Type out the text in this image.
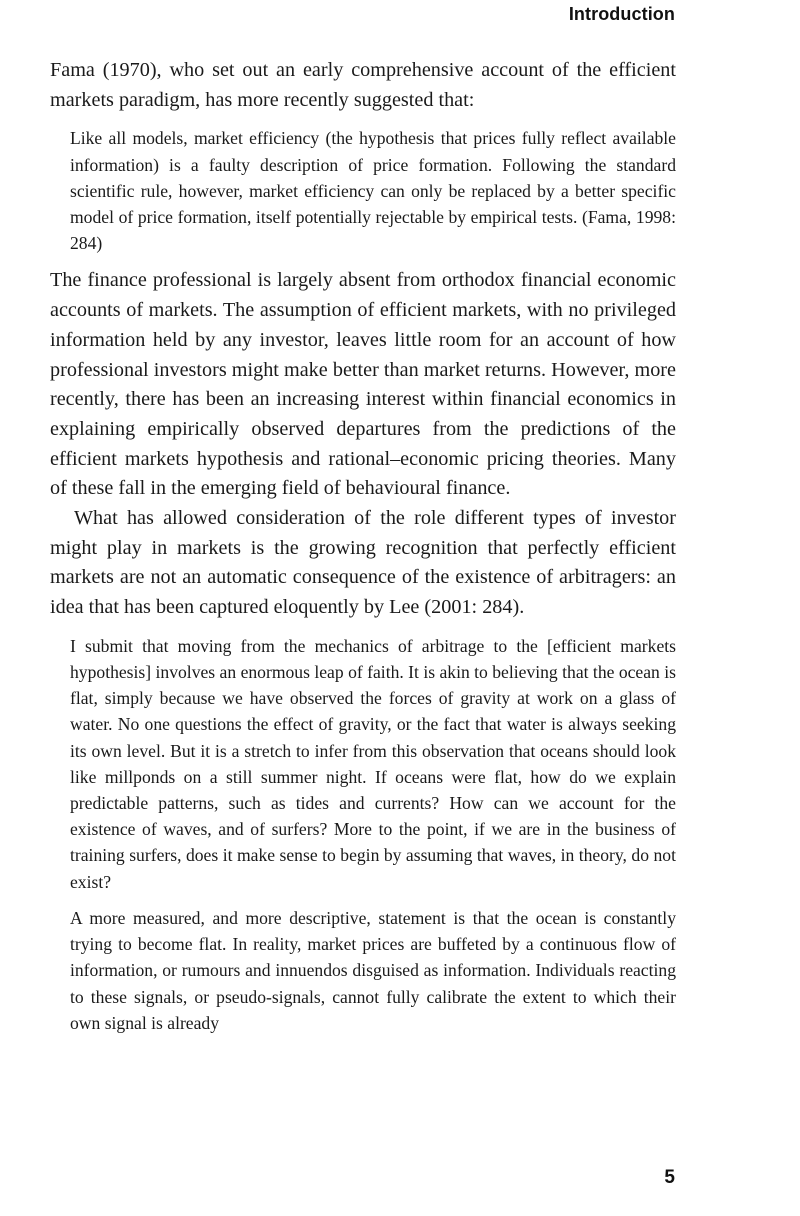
Introduction

Fama (1970), who set out an early comprehensive account of the efficient markets paradigm, has more recently suggested that:

Like all models, market efficiency (the hypothesis that prices fully reflect available information) is a faulty description of price formation. Following the standard scientific rule, however, market efficiency can only be replaced by a better specific model of price formation, itself potentially rejectable by empirical tests. (Fama, 1998: 284)

The finance professional is largely absent from orthodox financial economic accounts of markets. The assumption of efficient markets, with no privileged information held by any investor, leaves little room for an account of how professional investors might make better than market returns. However, more recently, there has been an increasing interest within financial economics in explaining empirically observed departures from the predictions of the efficient markets hypothesis and rational–economic pricing theories. Many of these fall in the emerging field of behavioural finance.

What has allowed consideration of the role different types of investor might play in markets is the growing recognition that perfectly efficient markets are not an automatic consequence of the existence of arbitragers: an idea that has been captured eloquently by Lee (2001: 284).

I submit that moving from the mechanics of arbitrage to the [efficient markets hypothesis] involves an enormous leap of faith. It is akin to believing that the ocean is flat, simply because we have observed the forces of gravity at work on a glass of water. No one questions the effect of gravity, or the fact that water is always seeking its own level. But it is a stretch to infer from this observation that oceans should look like millponds on a still summer night. If oceans were flat, how do we explain predictable patterns, such as tides and currents? How can we account for the existence of waves, and of surfers? More to the point, if we are in the business of training surfers, does it make sense to begin by assuming that waves, in theory, do not exist?

A more measured, and more descriptive, statement is that the ocean is constantly trying to become flat. In reality, market prices are buffeted by a continuous flow of information, or rumours and innuendos disguised as information. Individuals reacting to these signals, or pseudo-signals, cannot fully calibrate the extent to which their own signal is already

5
